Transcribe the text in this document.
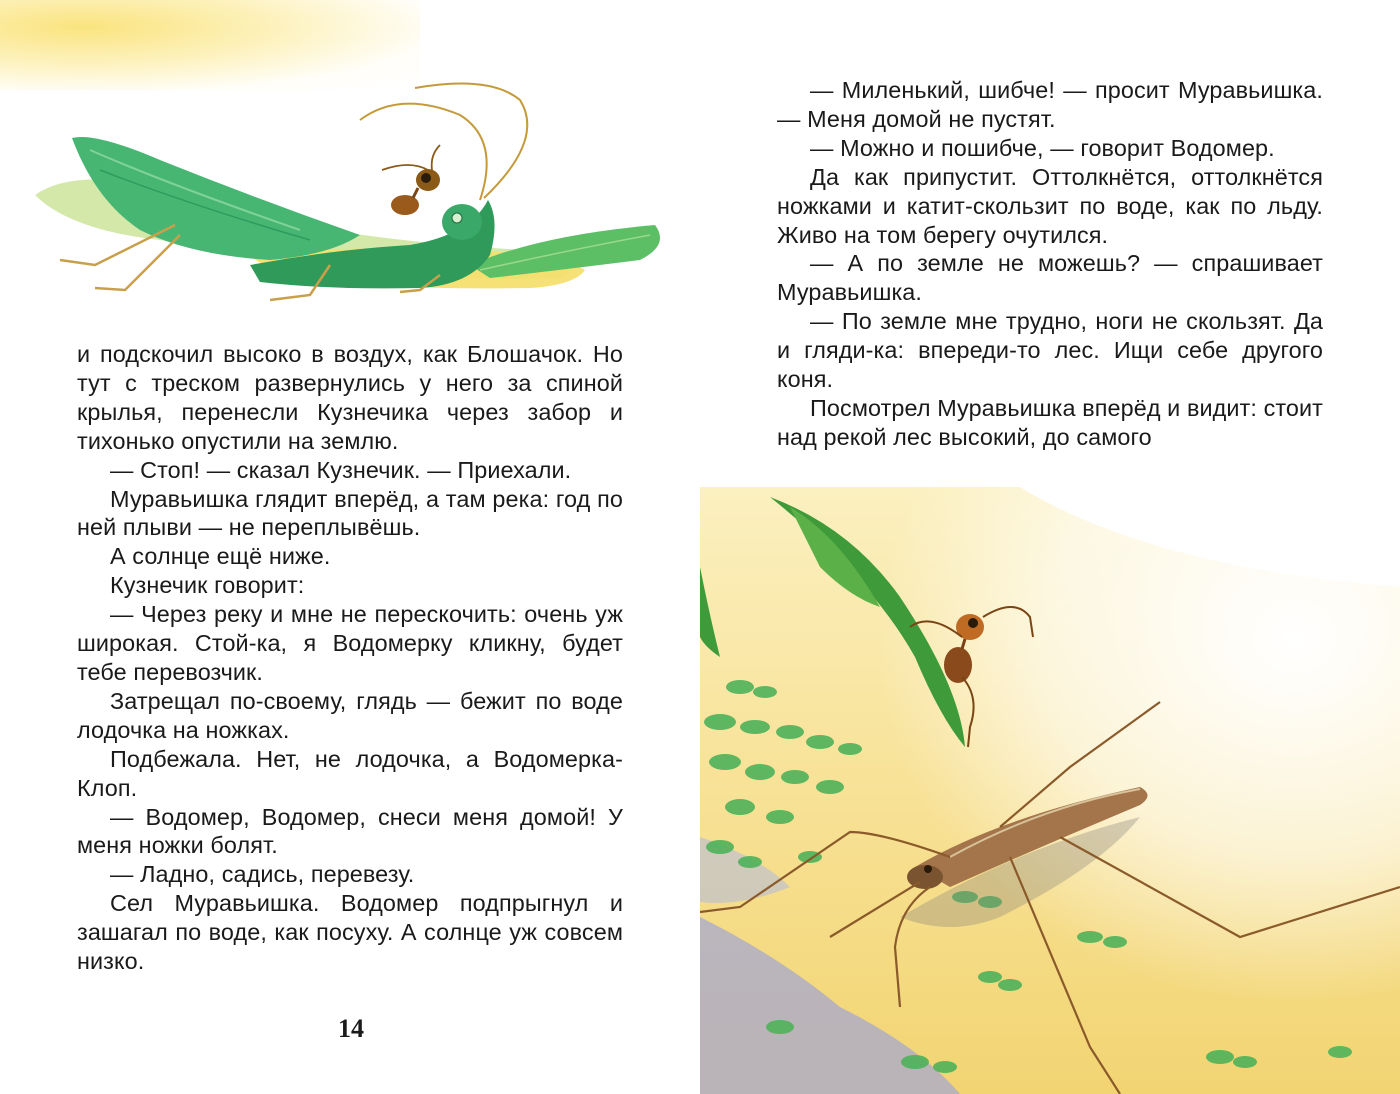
и подскочил высоко в воздух, как Блошачок. Но тут с треском развернулись у него за спиной крылья, перенесли Кузнечика через забор и тихонько опустили на землю.

— Стоп! — сказал Кузнечик. — Приехали.

Муравьишка глядит вперёд, а там река: год по ней плыви — не переплывёшь.

А солнце ещё ниже.

Кузнечик говорит:

— Через реку и мне не перескочить: очень уж широкая. Стой-ка, я Водомерку кликну, будет тебе перевозчик.

Затрещал по-своему, глядь — бежит по воде лодочка на ножках.

Подбежала. Нет, не лодочка, а Водомерка-Клоп.

— Водомер, Водомер, снеси меня домой! У меня ножки болят.

— Ладно, садись, перевезу.

Сел Муравьишка. Водомер подпрыгнул и зашагал по воде, как посуху. А солнце уж совсем низко.

14

— Миленький, шибче! — просит Муравьишка. — Меня домой не пустят.

— Можно и пошибче, — говорит Водомер.

Да как припустит. Оттолкнётся, оттолкнётся ножками и катит-скользит по воде, как по льду. Живо на том берегу очутился.

— А по земле не можешь? — спрашивает Муравьишка.

— По земле мне трудно, ноги не скользят. Да и гляди-ка: впереди-то лес. Ищи себе другого коня.

Посмотрел Муравьишка вперёд и видит: стоит над рекой лес высокий, до самого
